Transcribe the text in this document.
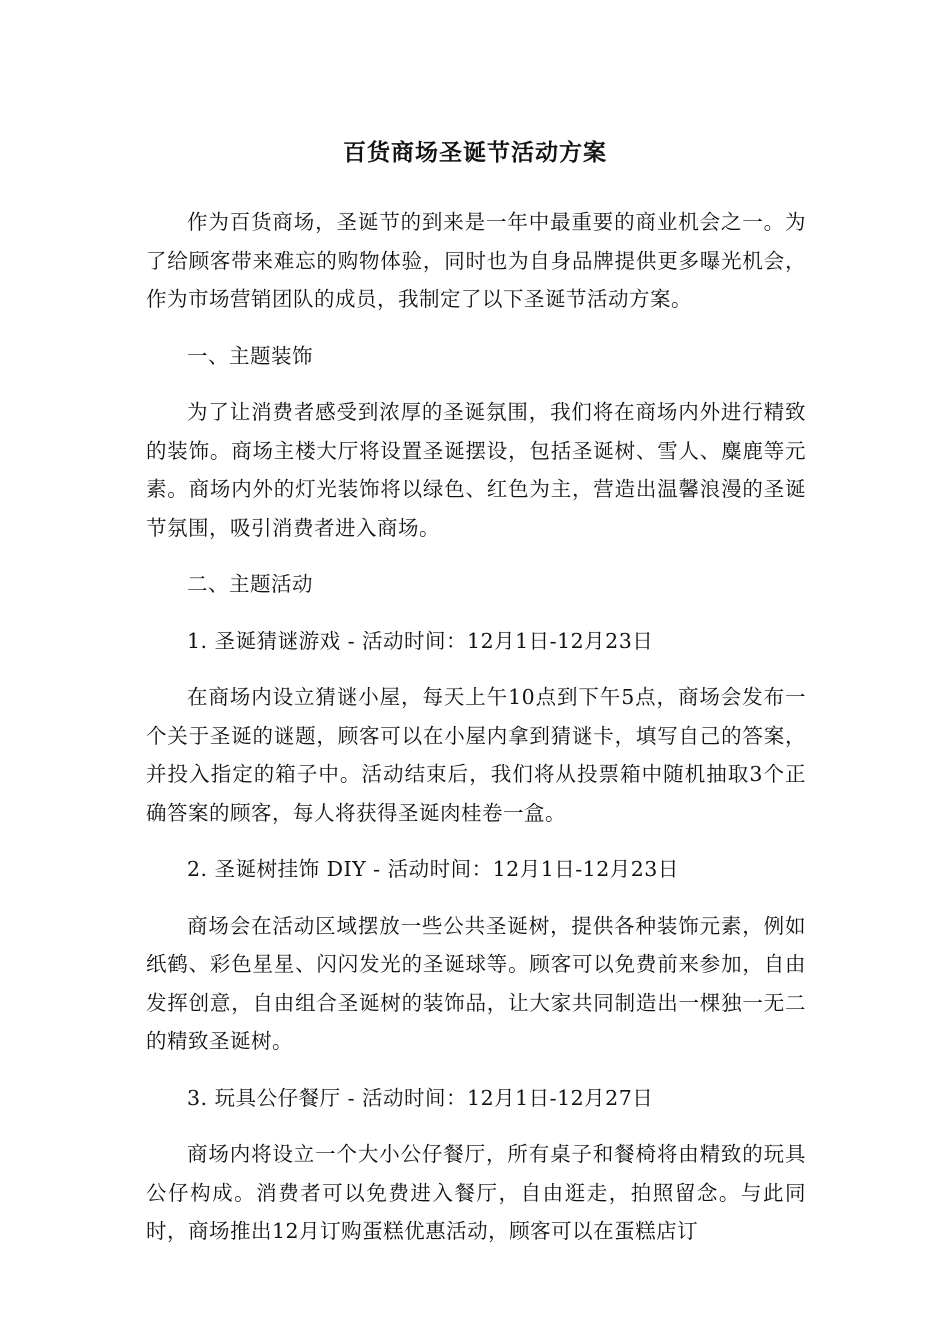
百货商场圣诞节活动方案

作为百货商场，圣诞节的到来是一年中最重要的商业机会之一。为了给顾客带来难忘的购物体验，同时也为自身品牌提供更多曝光机会，作为市场营销团队的成员，我制定了以下圣诞节活动方案。

一、主题装饰

为了让消费者感受到浓厚的圣诞氛围，我们将在商场内外进行精致的装饰。商场主楼大厅将设置圣诞摆设，包括圣诞树、雪人、麋鹿等元素。商场内外的灯光装饰将以绿色、红色为主，营造出温馨浪漫的圣诞节氛围，吸引消费者进入商场。

二、主题活动

1. 圣诞猜谜游戏 - 活动时间：12月1日-12月23日

在商场内设立猜谜小屋，每天上午10点到下午5点，商场会发布一个关于圣诞的谜题，顾客可以在小屋内拿到猜谜卡，填写自己的答案，并投入指定的箱子中。活动结束后，我们将从投票箱中随机抽取3个正确答案的顾客，每人将获得圣诞肉桂卷一盒。

2. 圣诞树挂饰 DIY - 活动时间：12月1日-12月23日

商场会在活动区域摆放一些公共圣诞树，提供各种装饰元素，例如纸鹤、彩色星星、闪闪发光的圣诞球等。顾客可以免费前来参加，自由发挥创意，自由组合圣诞树的装饰品，让大家共同制造出一棵独一无二的精致圣诞树。

3. 玩具公仔餐厅 - 活动时间：12月1日-12月27日

商场内将设立一个大小公仔餐厅，所有桌子和餐椅将由精致的玩具公仔构成。消费者可以免费进入餐厅，自由逛走，拍照留念。与此同时，商场推出12月订购蛋糕优惠活动，顾客可以在蛋糕店订
